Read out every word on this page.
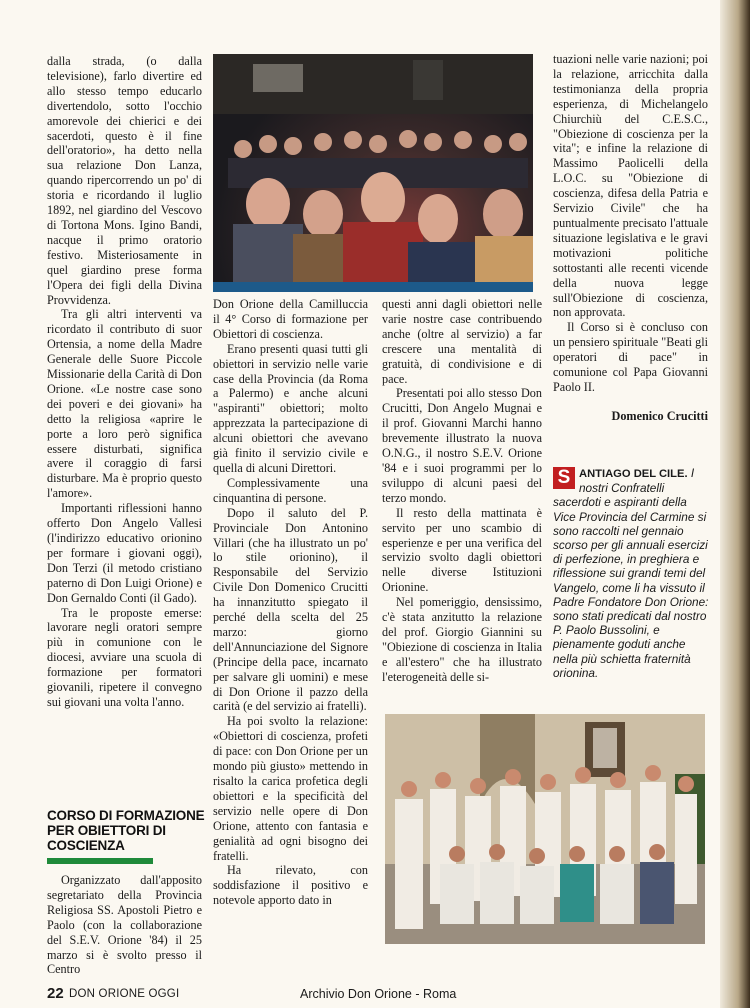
dalla strada, (o dalla televisione), farlo divertire ed allo stesso tempo educarlo divertendolo, sotto l'occhio amorevole dei chierici e dei sacerdoti, questo è il fine dell'oratorio», ha detto nella sua relazione Don Lanza, quando ripercorrendo un po' di storia e ricordando il luglio 1892, nel giardino del Vescovo di Tortona Mons. Igino Bandi, nacque il primo oratorio festivo. Misteriosamente in quel giardino prese forma l'Opera dei figli della Divina Provvidenza.

Tra gli altri interventi va ricordato il contributo di suor Ortensia, a nome della Madre Generale delle Suore Piccole Missionarie della Carità di Don Orione. «Le nostre case sono dei poveri e dei giovani» ha detto la religiosa «aprire le porte a loro però significa essere disturbati, significa avere il coraggio di farsi disturbare. Ma è proprio questo l'amore».

Importanti riflessioni hanno offerto Don Angelo Vallesi (l'indirizzo educativo orionino per formare i giovani oggi), Don Terzi (il metodo cristiano paterno di Don Luigi Orione) e Don Gernaldo Conti (il Gado).

Tra le proposte emerse: lavorare negli oratori sempre più in comunione con le diocesi, avviare una scuola di formazione per formatori giovanili, ripetere il convegno sui giovani una volta l'anno.

CORSO DI FORMAZIONE PER OBIETTORI DI COSCIENZA

Organizzato dall'apposito segretariato della Provincia Religiosa SS. Apostoli Pietro e Paolo (con la collaborazione del S.E.V. Orione '84) il 25 marzo si è svolto presso il Centro

Don Orione della Camilluccia il 4° Corso di formazione per Obiettori di coscienza.

Erano presenti quasi tutti gli obiettori in servizio nelle varie case della Provincia (da Roma a Palermo) e anche alcuni "aspiranti" obiettori; molto apprezzata la partecipazione di alcuni obiettori che avevano già finito il servizio civile e quella di alcuni Direttori.

Complessivamente una cinquantina di persone.

Dopo il saluto del P. Provinciale Don Antonino Villari (che ha illustrato un po' lo stile orionino), il Responsabile del Servizio Civile Don Domenico Crucitti ha innanzitutto spiegato il perché della scelta del 25 marzo: giorno dell'Annunciazione del Signore (Principe della pace, incarnato per salvare gli uomini) e mese di Don Orione il pazzo della carità (e del servizio ai fratelli).

Ha poi svolto la relazione: «Obiettori di coscienza, profeti di pace: con Don Orione per un mondo più giusto» mettendo in risalto la carica profetica degli obiettori e la specificità del servizio nelle opere di Don Orione, attento con fantasia e genialità ad ogni bisogno dei fratelli.

Ha rilevato, con soddisfazione il positivo e notevole apporto dato in

questi anni dagli obiettori nelle varie nostre case contribuendo anche (oltre al servizio) a far crescere una mentalità di gratuità, di condivisione e di pace.

Presentati poi allo stesso Don Crucitti, Don Angelo Mugnai e il prof. Giovanni Marchi hanno brevemente illustrato la nuova O.N.G., il nostro S.E.V. Orione '84 e i suoi programmi per lo sviluppo di alcuni paesi del terzo mondo.

Il resto della mattinata è servito per uno scambio di esperienze e per una verifica del servizio svolto dagli obiettori nelle diverse Istituzioni Orionine.

Nel pomeriggio, densissimo, c'è stata anzitutto la relazione del prof. Giorgio Giannini su "Obiezione di coscienza in Italia e all'estero" che ha illustrato l'eterogeneità delle si-

tuazioni nelle varie nazioni; poi la relazione, arricchita dalla testimonianza della propria esperienza, di Michelangelo Chiurchiù del C.E.S.C., "Obiezione di coscienza per la vita"; e infine la relazione di Massimo Paolicelli della L.O.C. su "Obiezione di coscienza, difesa della Patria e Servizio Civile" che ha puntualmente precisato l'attuale situazione legislativa e le gravi motivazioni politiche sottostanti alle recenti vicende della nuova legge sull'Obiezione di coscienza, non approvata.

Il Corso si è concluso con un pensiero spirituale "Beati gli operatori di pace" in comunione col Papa Giovanni Paolo II.

Domenico Crucitti
S ANTIAGO DEL CILE. I nostri Confratelli sacerdoti e aspiranti della Vice Provincia del Carmine si sono raccolti nel gennaio scorso per gli annuali esercizi di perfezione, in preghiera e riflessione sui grandi temi del Vangelo, come li ha vissuto il Padre Fondatore Don Orione: sono stati predicati dal nostro P. Paolo Bussolini, e pienamente goduti anche nella più schietta fraternità orionina.
22 DON ORIONE OGGI	Archivio Don Orione - Roma
